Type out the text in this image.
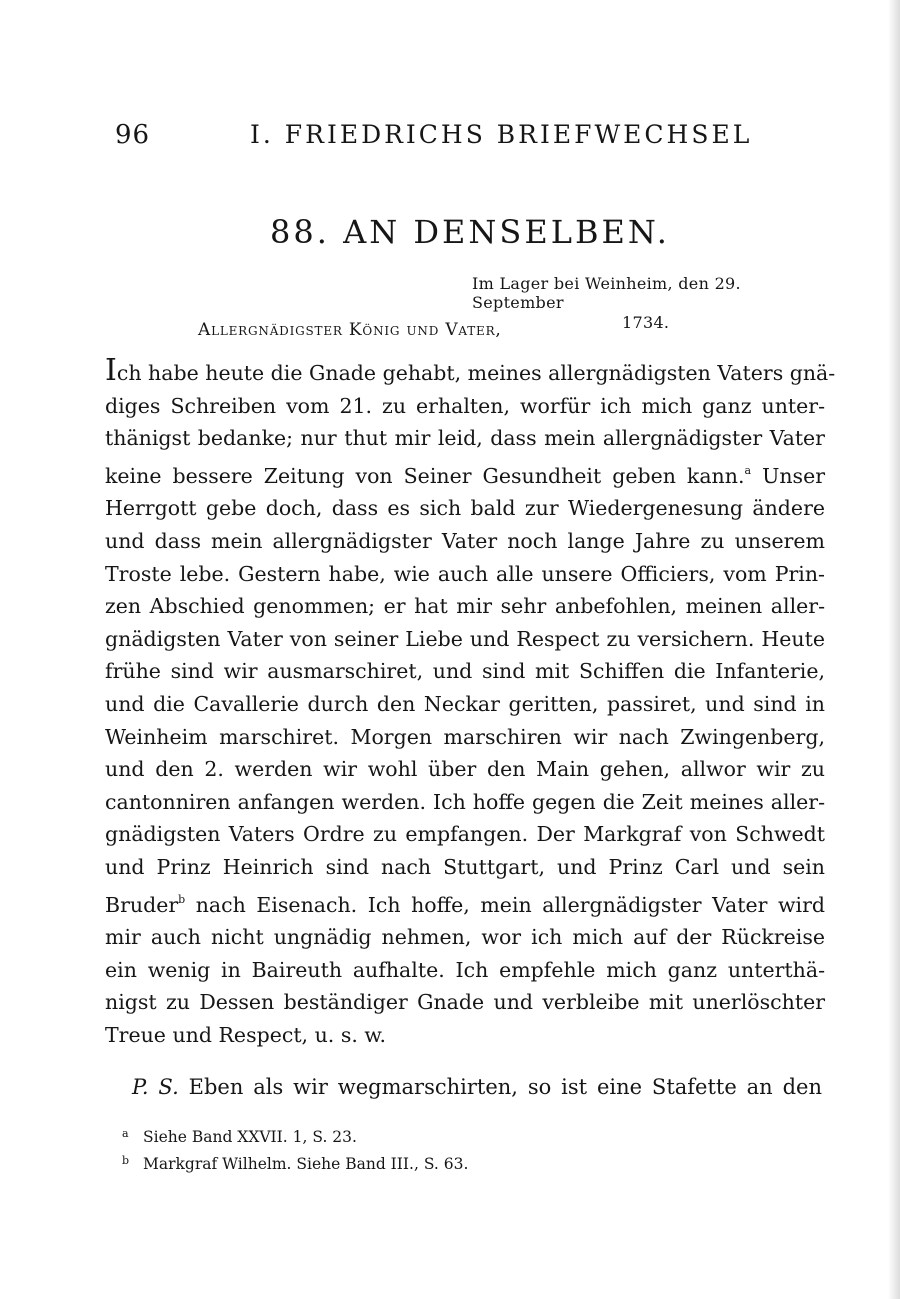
96	I. FRIEDRICHS BRIEFWECHSEL
88. AN DENSELBEN.
Im Lager bei Weinheim, den 29. September
1734.
Allergnädigster König und Vater,
Ich habe heute die Gnade gehabt, meines allergnädigsten Vaters gnä-
diges Schreiben vom 21. zu erhalten, worfür ich mich ganz unter-
thänigst bedanke; nur thut mir leid, dass mein allergnädigster Vater
keine bessere Zeitung von Seiner Gesundheit geben kann.$^a$ Unser
Herrgott gebe doch, dass es sich bald zur Wiedergenesung ändere
und dass mein allergnädigster Vater noch lange Jahre zu unserem
Troste lebe. Gestern habe, wie auch alle unsere Officiers, vom Prin-
zen Abschied genommen; er hat mir sehr anbefohlen, meinen aller-
gnädigsten Vater von seiner Liebe und Respect zu versichern. Heute
frühe sind wir ausmarschiret, und sind mit Schiffen die Infanterie,
und die Cavallerie durch den Neckar geritten, passiret, und sind in
Weinheim marschiret. Morgen marschiren wir nach Zwingenberg,
und den 2. werden wir wohl über den Main gehen, allwor wir zu
cantonniren anfangen werden. Ich hoffe gegen die Zeit meines aller-
gnädigsten Vaters Ordre zu empfangen. Der Markgraf von Schwedt
und Prinz Heinrich sind nach Stuttgart, und Prinz Carl und sein
Bruder$^b$ nach Eisenach. Ich hoffe, mein allergnädigster Vater wird
mir auch nicht ungnädig nehmen, wor ich mich auf der Rückreise
ein wenig in Baireuth aufhalte. Ich empfehle mich ganz unterthä-
nigst zu Dessen beständiger Gnade und verbleibe mit unerlöschter
Treue und Respect, u. s. w.
P. S. Eben als wir wegmarschirten, so ist eine Stafette an den
a Siehe Band XXVII. 1, S. 23.
b Markgraf Wilhelm. Siehe Band III., S. 63.
